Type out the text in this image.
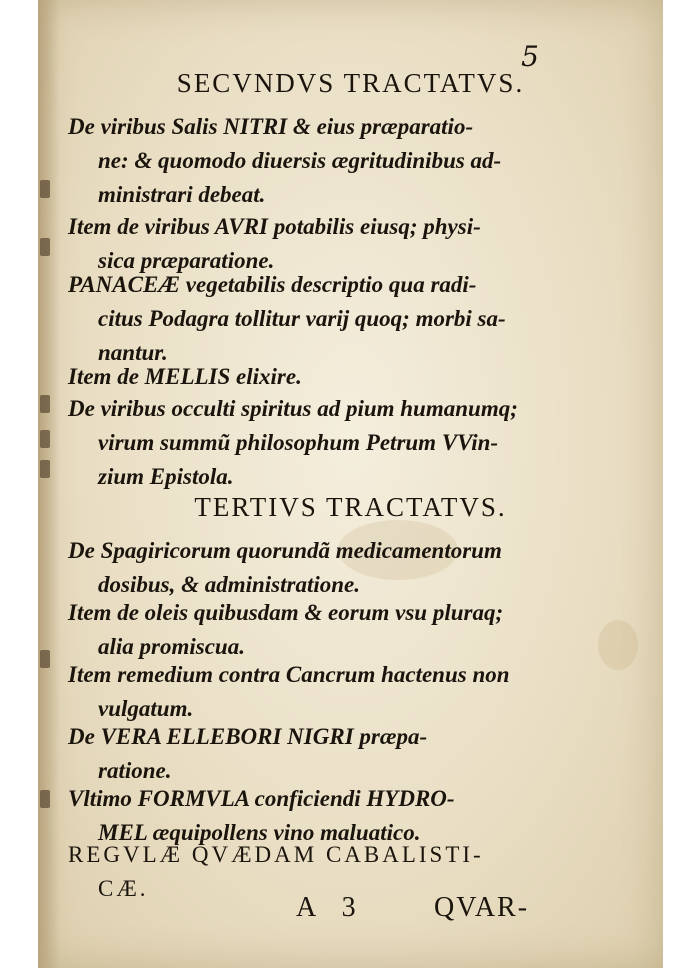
5
SECVNDVS TRACTATVS.
De viribus Salis NITRI & eius præparatio-
ne: & quomodo diuersis ægritudinibus ad-
ministrari debeat.
Item de viribus AVRI potabilis eiusq; physi-
sica præparatione.
PANACEÆ vegetabilis descriptio qua radi-
citus Podagra tollitur varij quoq; morbi sa-
nantur.
Item de MELLIS elixire.
De viribus occulti spiritus ad pium humanumq;
virum summũ philosophum Petrum VVin-
zium Epistola.
TERTIVS TRACTATVS.
De Spagiricorum quorundã medicamentorum
dosibus, & administratione.
Item de oleis quibusdam & eorum vsu pluraq;
alia promiscua.
Item remedium contra Cancrum hactenus non
vulgatum.
De VERA ELLEBORI NIGRI præpa-
ratione.
Vltimo FORMVLA conficiendi HYDRO-
MEL æquipollens vino maluatico.
REGVLÆ QVÆDAM CABALISTI-
CÆ.
A 3 QVAR-
